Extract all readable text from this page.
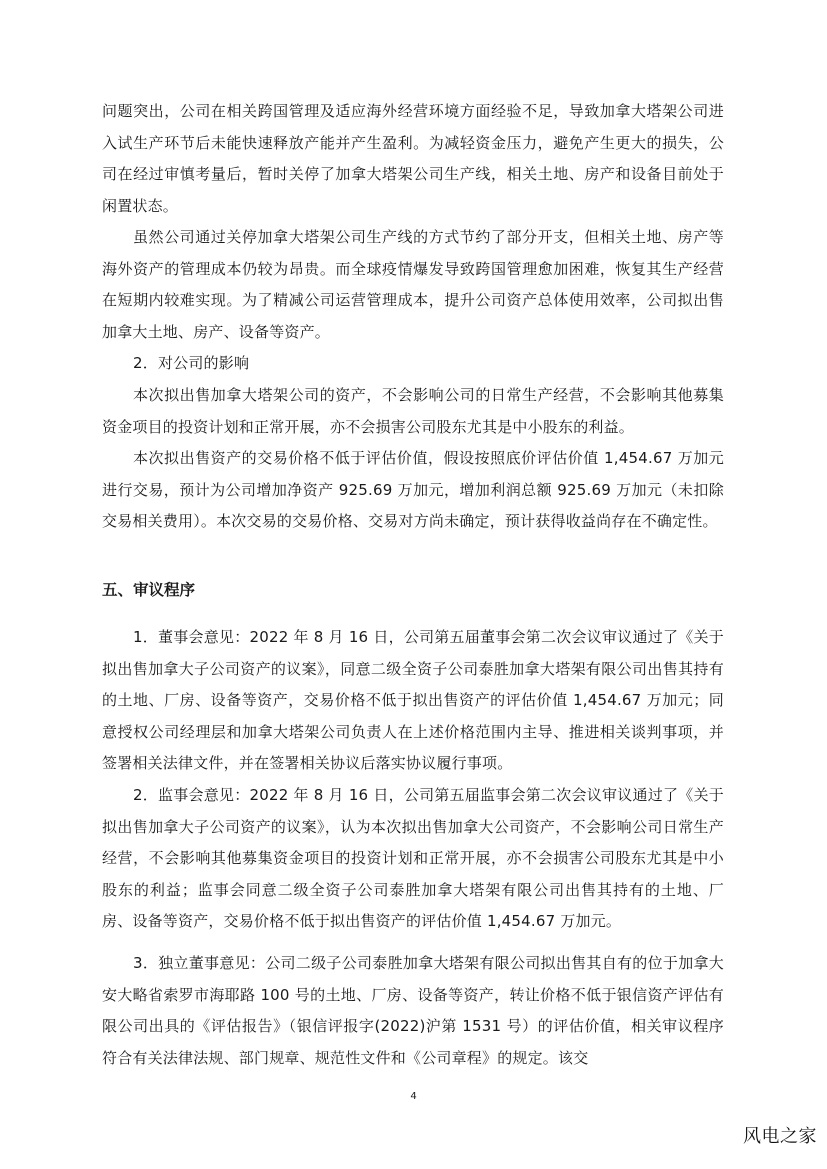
问题突出，公司在相关跨国管理及适应海外经营环境方面经验不足，导致加拿大塔架公司进入试生产环节后未能快速释放产能并产生盈利。为减轻资金压力，避免产生更大的损失，公司在经过审慎考量后，暂时关停了加拿大塔架公司生产线，相关土地、房产和设备目前处于闲置状态。

虽然公司通过关停加拿大塔架公司生产线的方式节约了部分开支，但相关土地、房产等海外资产的管理成本仍较为昂贵。而全球疫情爆发导致跨国管理愈加困难，恢复其生产经营在短期内较难实现。为了精减公司运营管理成本，提升公司资产总体使用效率，公司拟出售加拿大土地、房产、设备等资产。

2．对公司的影响

本次拟出售加拿大塔架公司的资产，不会影响公司的日常生产经营，不会影响其他募集资金项目的投资计划和正常开展，亦不会损害公司股东尤其是中小股东的利益。

本次拟出售资产的交易价格不低于评估价值，假设按照底价评估价值 1,454.67 万加元进行交易，预计为公司增加净资产 925.69 万加元，增加利润总额 925.69 万加元（未扣除交易相关费用）。本次交易的交易价格、交易对方尚未确定，预计获得收益尚存在不确定性。

五、审议程序

1．董事会意见：2022 年 8 月 16 日，公司第五届董事会第二次会议审议通过了《关于拟出售加拿大子公司资产的议案》，同意二级全资子公司泰胜加拿大塔架有限公司出售其持有的土地、厂房、设备等资产，交易价格不低于拟出售资产的评估价值 1,454.67 万加元；同意授权公司经理层和加拿大塔架公司负责人在上述价格范围内主导、推进相关谈判事项，并签署相关法律文件，并在签署相关协议后落实协议履行事项。

2．监事会意见：2022 年 8 月 16 日，公司第五届监事会第二次会议审议通过了《关于拟出售加拿大子公司资产的议案》，认为本次拟出售加拿大公司资产，不会影响公司日常生产经营，不会影响其他募集资金项目的投资计划和正常开展，亦不会损害公司股东尤其是中小股东的利益；监事会同意二级全资子公司泰胜加拿大塔架有限公司出售其持有的土地、厂房、设备等资产，交易价格不低于拟出售资产的评估价值 1,454.67 万加元。

3．独立董事意见：公司二级子公司泰胜加拿大塔架有限公司拟出售其自有的位于加拿大安大略省索罗市海耶路 100 号的土地、厂房、设备等资产，转让价格不低于银信资产评估有限公司出具的《评估报告》（银信评报字(2022)沪第 1531 号）的评估价值，相关审议程序符合有关法律法规、部门规章、规范性文件和《公司章程》的规定。该交

4
风电之家
